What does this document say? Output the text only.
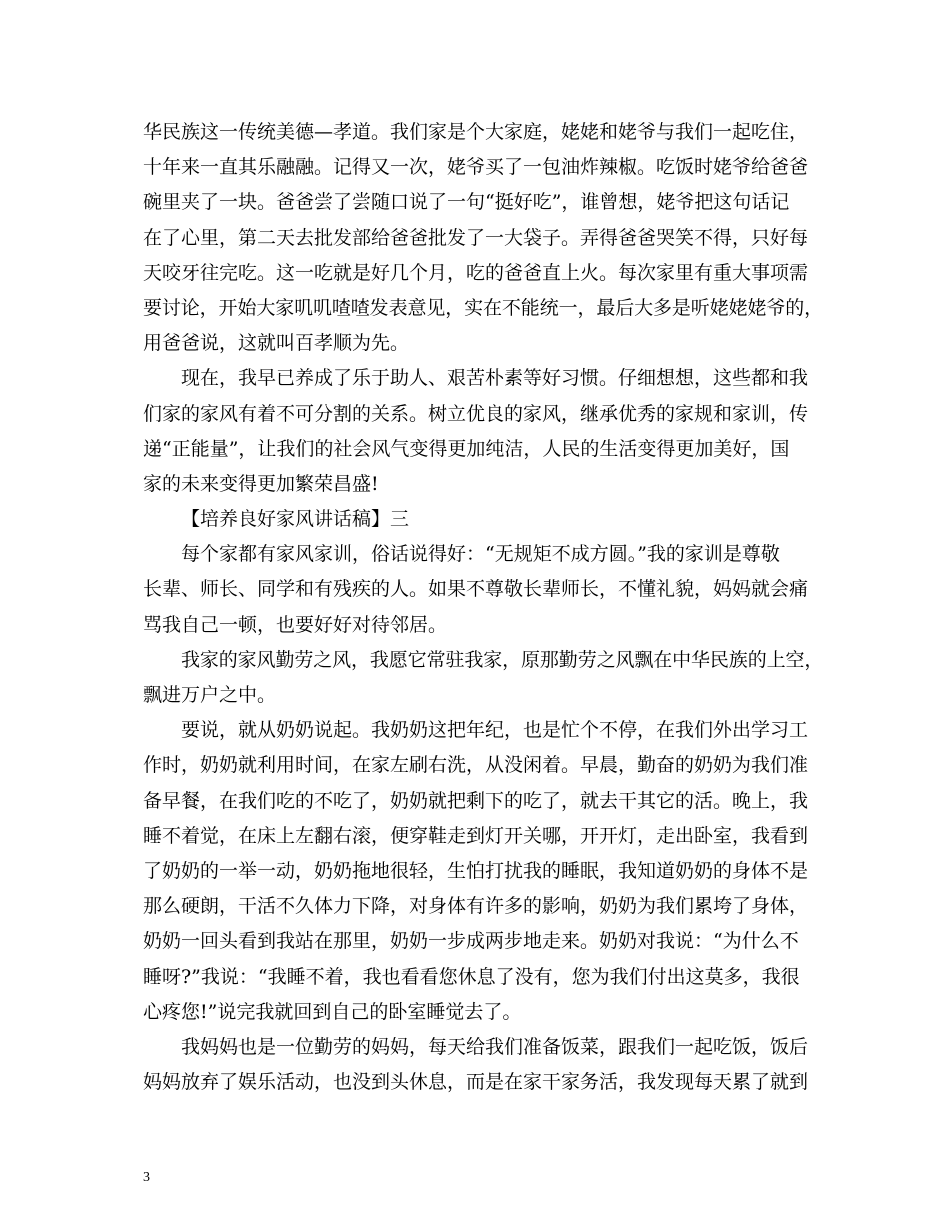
华民族这一传统美德—孝道。我们家是个大家庭，姥姥和姥爷与我们一起吃住，
十年来一直其乐融融。记得又一次，姥爷买了一包油炸辣椒。吃饭时姥爷给爸爸
碗里夹了一块。爸爸尝了尝随口说了一句“挺好吃”，谁曾想，姥爷把这句话记
在了心里，第二天去批发部给爸爸批发了一大袋子。弄得爸爸哭笑不得，只好每
天咬牙往完吃。这一吃就是好几个月，吃的爸爸直上火。每次家里有重大事项需
要讨论，开始大家叽叽喳喳发表意见，实在不能统一，最后大多是听姥姥姥爷的，
用爸爸说，这就叫百孝顺为先。
现在，我早已养成了乐于助人、艰苦朴素等好习惯。仔细想想，这些都和我
们家的家风有着不可分割的关系。树立优良的家风，继承优秀的家规和家训，传
递“正能量”，让我们的社会风气变得更加纯洁，人民的生活变得更加美好，国
家的未来变得更加繁荣昌盛!
【培养良好家风讲话稿】三
每个家都有家风家训，俗话说得好：“无规矩不成方圆。”我的家训是尊敬
长辈、师长、同学和有残疾的人。如果不尊敬长辈师长，不懂礼貌，妈妈就会痛
骂我自己一顿，也要好好对待邻居。
我家的家风勤劳之风，我愿它常驻我家，原那勤劳之风飘在中华民族的上空，
飘进万户之中。
要说，就从奶奶说起。我奶奶这把年纪，也是忙个不停，在我们外出学习工
作时，奶奶就利用时间，在家左刷右洗，从没闲着。早晨，勤奋的奶奶为我们准
备早餐，在我们吃的不吃了，奶奶就把剩下的吃了，就去干其它的活。晚上，我
睡不着觉，在床上左翻右滚，便穿鞋走到灯开关哪，开开灯，走出卧室，我看到
了奶奶的一举一动，奶奶拖地很轻，生怕打扰我的睡眠，我知道奶奶的身体不是
那么硬朗，干活不久体力下降，对身体有许多的影响，奶奶为我们累垮了身体，
奶奶一回头看到我站在那里，奶奶一步成两步地走来。奶奶对我说：“为什么不
睡呀?”我说：“我睡不着，我也看看您休息了没有，您为我们付出这莫多，我很
心疼您!”说完我就回到自己的卧室睡觉去了。
我妈妈也是一位勤劳的妈妈，每天给我们准备饭菜，跟我们一起吃饭，饭后
妈妈放弃了娱乐活动，也没到头休息，而是在家干家务活，我发现每天累了就到
3
